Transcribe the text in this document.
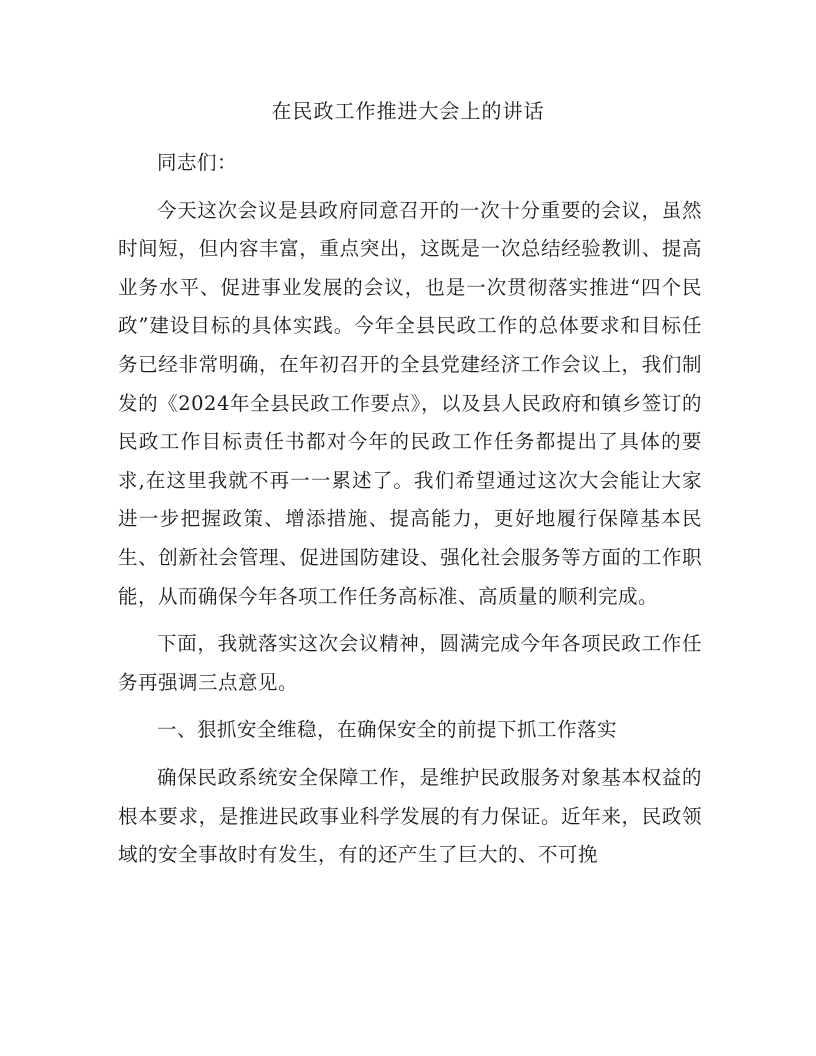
在民政工作推进大会上的讲话

同志们：

今天这次会议是县政府同意召开的一次十分重要的会议，虽然时间短，但内容丰富，重点突出，这既是一次总结经验教训、提高业务水平、促进事业发展的会议，也是一次贯彻落实推进“四个民政”建设目标的具体实践。今年全县民政工作的总体要求和目标任务已经非常明确，在年初召开的全县党建经济工作会议上，我们制发的《2024年全县民政工作要点》，以及县人民政府和镇乡签订的民政工作目标责任书都对今年的民政工作任务都提出了具体的要求,在这里我就不再一一累述了。我们希望通过这次大会能让大家进一步把握政策、增添措施、提高能力，更好地履行保障基本民生、创新社会管理、促进国防建设、强化社会服务等方面的工作职能，从而确保今年各项工作任务高标准、高质量的顺利完成。

下面，我就落实这次会议精神，圆满完成今年各项民政工作任务再强调三点意见。

一、狠抓安全维稳，在确保安全的前提下抓工作落实

确保民政系统安全保障工作，是维护民政服务对象基本权益的根本要求，是推进民政事业科学发展的有力保证。近年来，民政领域的安全事故时有发生，有的还产生了巨大的、不可挽
